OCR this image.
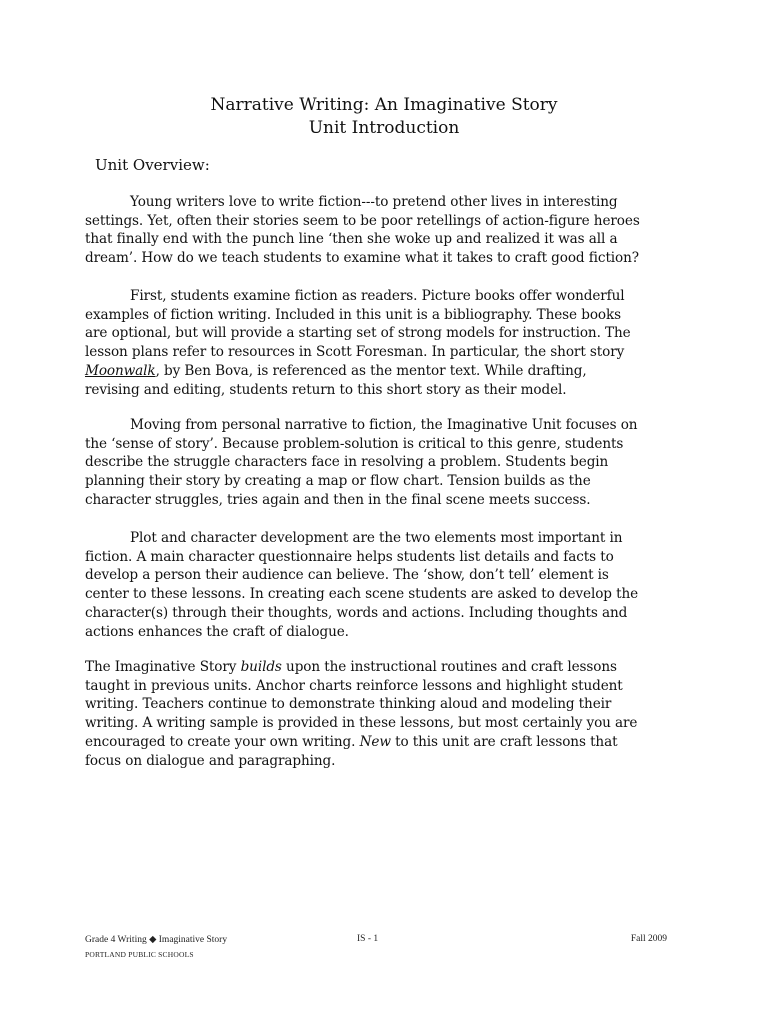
Narrative Writing: An Imaginative Story
Unit Introduction
Unit Overview:
Young writers love to write fiction---to pretend other lives in interesting
settings. Yet, often their stories seem to be poor retellings of action-figure heroes
that finally end with the punch line ‘then she woke up and realized it was all a
dream’. How do we teach students to examine what it takes to craft good fiction?
First, students examine fiction as readers. Picture books offer wonderful
examples of fiction writing. Included in this unit is a bibliography. These books
are optional, but will provide a starting set of strong models for instruction. The
lesson plans refer to resources in Scott Foresman. In particular, the short story
Moonwalk, by Ben Bova, is referenced as the mentor text. While drafting,
revising and editing, students return to this short story as their model.
Moving from personal narrative to fiction, the Imaginative Unit focuses on
the ‘sense of story’. Because problem-solution is critical to this genre, students
describe the struggle characters face in resolving a problem. Students begin
planning their story by creating a map or flow chart. Tension builds as the
character struggles, tries again and then in the final scene meets success.
Plot and character development are the two elements most important in
fiction. A main character questionnaire helps students list details and facts to
develop a person their audience can believe. The ‘show, don’t tell’ element is
center to these lessons. In creating each scene students are asked to develop the
character(s) through their thoughts, words and actions. Including thoughts and
actions enhances the craft of dialogue.
The Imaginative Story builds upon the instructional routines and craft lessons
taught in previous units. Anchor charts reinforce lessons and highlight student
writing. Teachers continue to demonstrate thinking aloud and modeling their
writing. A writing sample is provided in these lessons, but most certainly you are
encouraged to create your own writing. New to this unit are craft lessons that
focus on dialogue and paragraphing.
Grade 4 Writing ◆ Imaginative Story	IS - 1	Fall 2009
PORTLAND PUBLIC SCHOOLS
